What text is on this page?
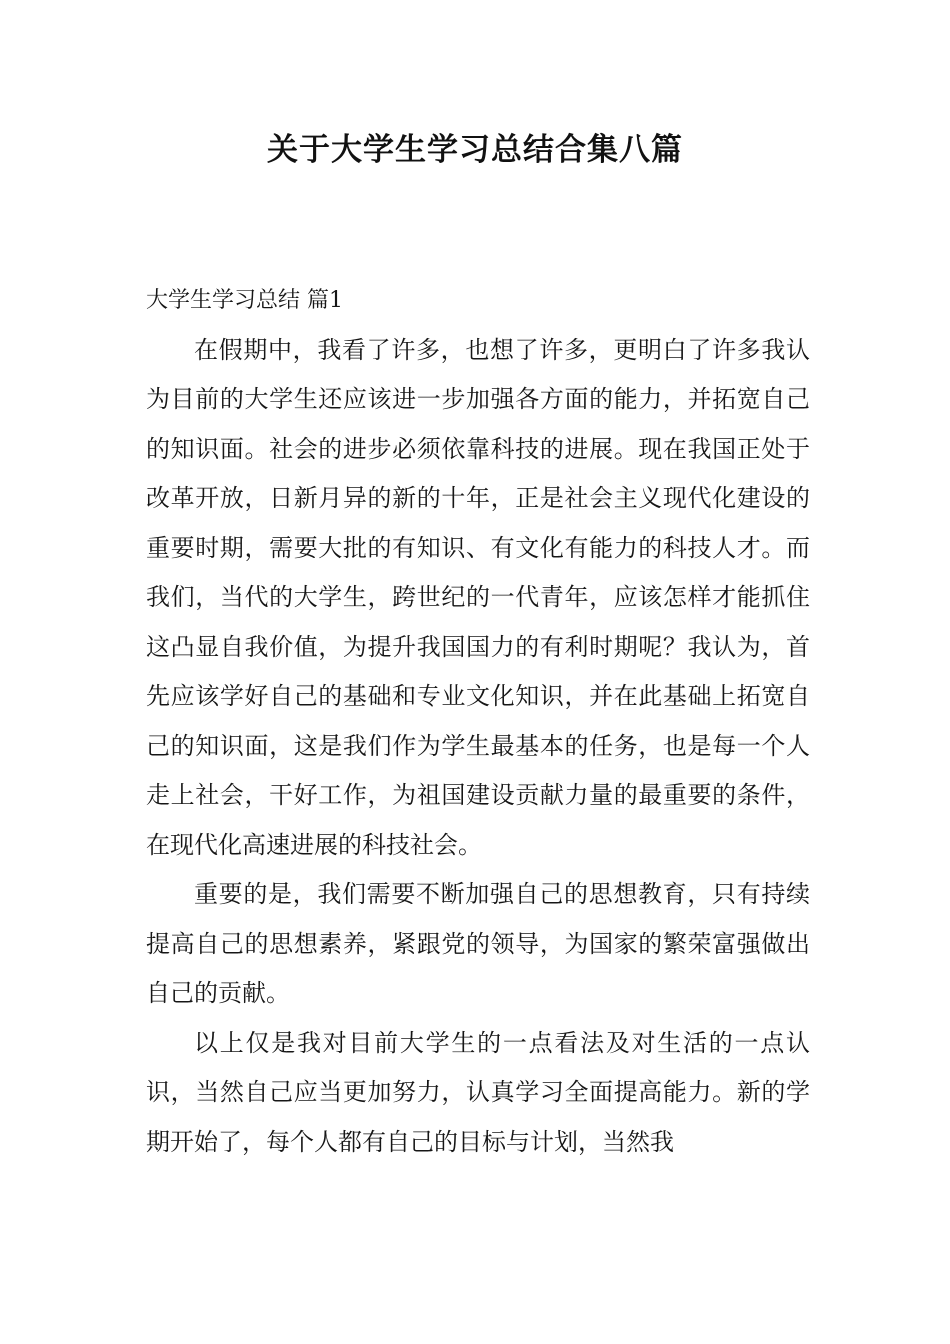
关于大学生学习总结合集八篇

大学生学习总结 篇1

在假期中，我看了许多，也想了许多，更明白了许多我认为目前的大学生还应该进一步加强各方面的能力，并拓宽自己的知识面。社会的进步必须依靠科技的进展。现在我国正处于改革开放，日新月异的新的十年，正是社会主义现代化建设的重要时期，需要大批的有知识、有文化有能力的科技人才。而我们，当代的大学生，跨世纪的一代青年，应该怎样才能抓住这凸显自我价值，为提升我国国力的有利时期呢？我认为，首先应该学好自己的基础和专业文化知识，并在此基础上拓宽自己的知识面，这是我们作为学生最基本的任务，也是每一个人走上社会，干好工作，为祖国建设贡献力量的最重要的条件，在现代化高速进展的科技社会。

重要的是，我们需要不断加强自己的思想教育，只有持续提高自己的思想素养，紧跟党的领导，为国家的繁荣富强做出自己的贡献。

以上仅是我对目前大学生的一点看法及对生活的一点认识，当然自己应当更加努力，认真学习全面提高能力。新的学期开始了，每个人都有自己的目标与计划，当然我
